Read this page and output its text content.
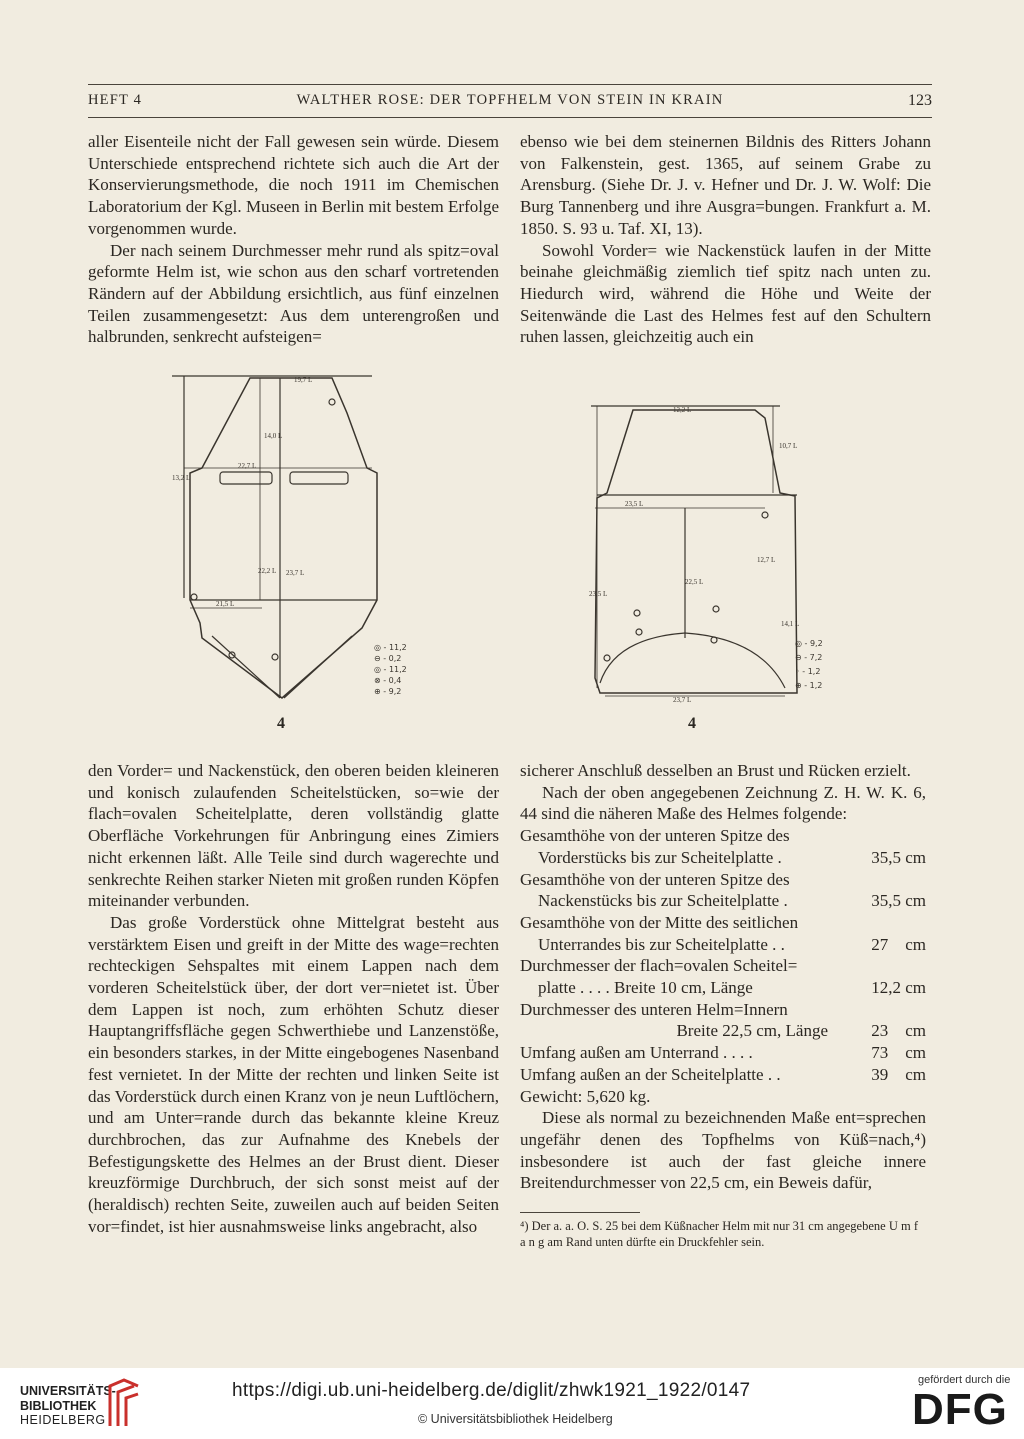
HEFT 4	WALTHER ROSE: DER TOPFHELM VON STEIN IN KRAIN	123

aller Eisenteile nicht der Fall gewesen sein würde. Diesem Unterschiede entsprechend richtete sich auch die Art der Konservierungsmethode, die noch 1911 im Chemischen Laboratorium der Kgl. Museen in Berlin mit bestem Erfolge vorgenommen wurde.

Der nach seinem Durchmesser mehr rund als spitz=oval geformte Helm ist, wie schon aus den scharf vortretenden Rändern auf der Abbildung ersichtlich, aus fünf einzelnen Teilen zusammengesetzt: Aus dem unterengroßen und halbrunden, senkrecht aufsteigen=

ebenso wie bei dem steinernen Bildnis des Ritters Johann von Falkenstein, gest. 1365, auf seinem Grabe zu Arensburg. (Siehe Dr. J. v. Hefner und Dr. J. W. Wolf: Die Burg Tannenberg und ihre Ausgra=bungen. Frankfurt a. M. 1850. S. 93 u. Taf. XI, 13).

Sowohl Vorder= wie Nackenstück laufen in der Mitte beinahe gleichmäßig ziemlich tief spitz nach unten zu. Hiedurch wird, während die Höhe und Weite der Seitenwände die Last des Helmes fest auf den Schultern ruhen lassen, gleichzeitig auch ein

19,7 L
14,0 L
22,7 L
13,2 L
22,2 L 23,7 L
21,5 L
◎ - 11,2
⊖ - 0,2
◎ - 11,2
⊗ - 0,4
⊕ - 9,2
4
12,2 L
10,7 L
23,5 L
22,5 L
23,5 L
12,7 L
14,1 L
23,7 L
◎ - 9,2
⊖ - 7,2
◦ - 1,2
⊕ - 1,2
4

den Vorder= und Nackenstück, den oberen beiden kleineren und konisch zulaufenden Scheitelstücken, so=wie der flach=ovalen Scheitelplatte, deren vollständig glatte Oberfläche Vorkehrungen für Anbringung eines Zimiers nicht erkennen läßt. Alle Teile sind durch wagerechte und senkrechte Reihen starker Nieten mit großen runden Köpfen miteinander verbunden.

Das große Vorderstück ohne Mittelgrat besteht aus verstärktem Eisen und greift in der Mitte des wage=rechten rechteckigen Sehspaltes mit einem Lappen nach dem vorderen Scheitelstück über, der dort ver=nietet ist. Über dem Lappen ist noch, zum erhöhten Schutz dieser Hauptangriffsfläche gegen Schwerthiebe und Lanzenstöße, ein besonders starkes, in der Mitte eingebogenes Nasenband fest vernietet. In der Mitte der rechten und linken Seite ist das Vorderstück durch einen Kranz von je neun Luftlöchern, und am Unter=rande durch das bekannte kleine Kreuz durchbrochen, das zur Aufnahme des Knebels der Befestigungskette des Helmes an der Brust dient. Dieser kreuzförmige Durchbruch, der sich sonst meist auf der (heraldisch) rechten Seite, zuweilen auch auf beiden Seiten vor=findet, ist hier ausnahmsweise links angebracht, also

sicherer Anschluß desselben an Brust und Rücken erzielt.

Nach der oben angegebenen Zeichnung Z. H. W. K. 6, 44 sind die näheren Maße des Helmes folgende:

Gesamthöhe von der unteren Spitze des
Vorderstücks bis zur Scheitelplatte .	35,5 cm
Gesamthöhe von der unteren Spitze des
Nackenstücks bis zur Scheitelplatte .	35,5 cm
Gesamthöhe von der Mitte des seitlichen
Unterrandes bis zur Scheitelplatte . .	27    cm
Durchmesser der flach=ovalen Scheitel=
platte . . . . Breite 10 cm, Länge	12,2 cm
Durchmesser des unteren Helm=Innern
Breite 22,5 cm, Länge	23    cm
Umfang außen am Unterrand . . . .	73    cm
Umfang außen an der Scheitelplatte . .	39    cm
Gewicht: 5,620 kg.

Diese als normal zu bezeichnenden Maße ent=sprechen ungefähr denen des Topfhelms von Küß=nach,⁴) insbesondere ist auch der fast gleiche innere Breitendurchmesser von 22,5 cm, ein Beweis dafür,

⁴) Der a. a. O. S. 25 bei dem Küßnacher Helm mit nur 31 cm angegebene U m f a n g am Rand unten dürfte ein Druckfehler sein.
UNIVERSITÄTS-
BIBLIOTHEK
HEIDELBERG
https://digi.ub.uni-heidelberg.de/diglit/zhwk1921_1922/0147
© Universitätsbibliothek Heidelberg
gefördert durch die
DFG
